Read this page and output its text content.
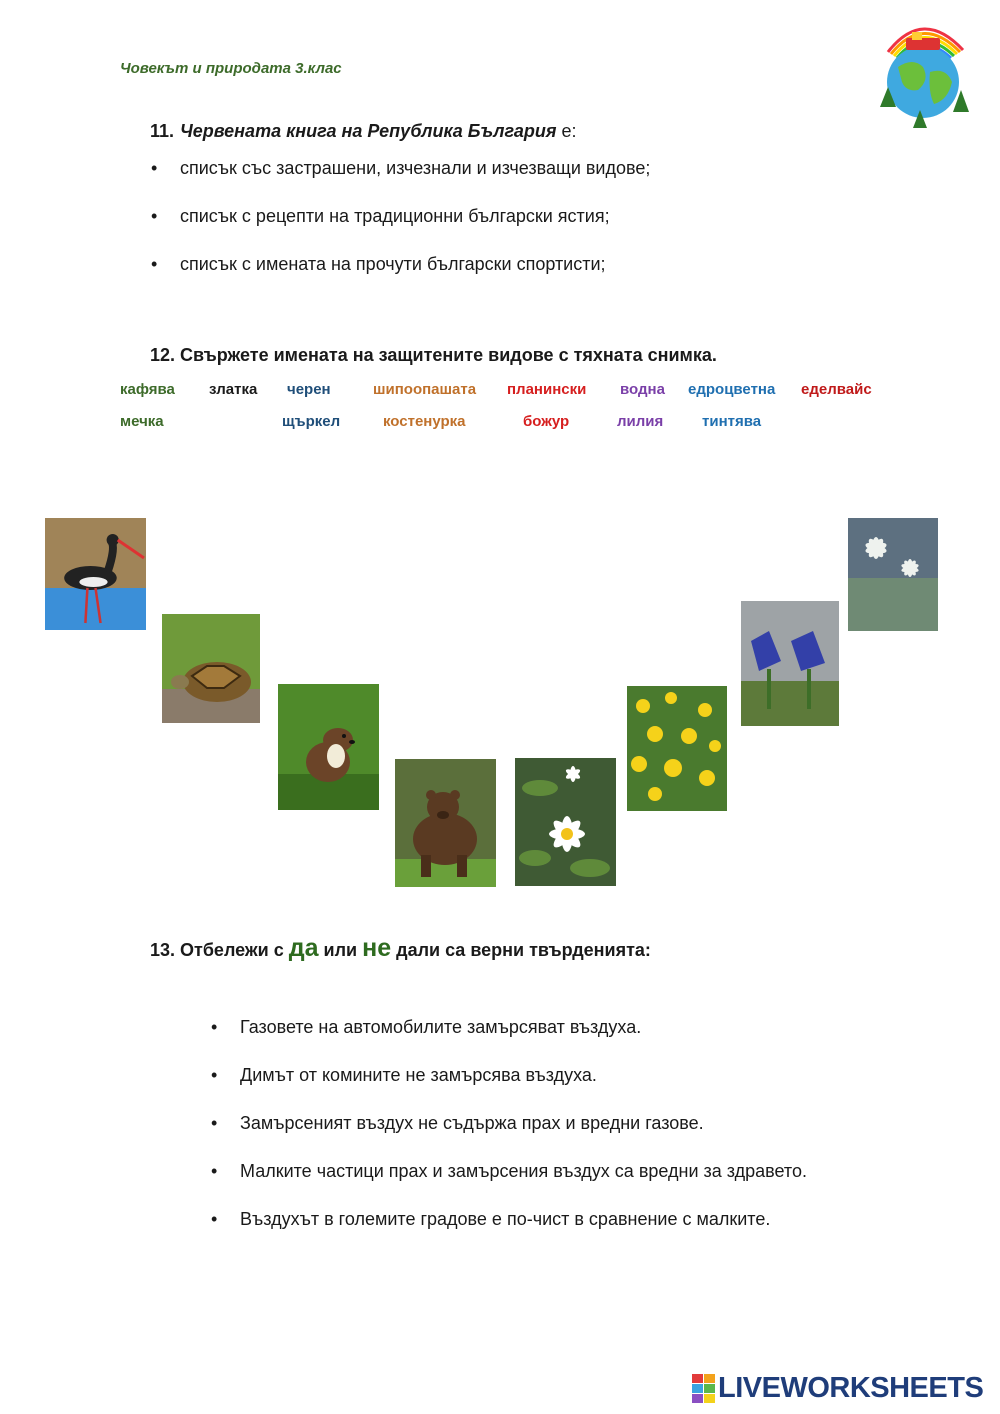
Човекът и природата 3.клас
11. Червената книга на Република България е:
• списък със застрашени, изчезнали и изчезващи видове;
• списък с рецепти на традиционни български ястия;
• списък с имената на прочути български спортисти;
12. Свържете имената на защитените видове с тяхната снимка.
кафява златка черен	шипоопашата планински водна едроцветна еделвайс
мечка	щъркел	костенурка	божур	лилия	тинтява
13. Отбележи с да или не дали са верни твърденията:
• Газовете на автомобилите замърсяват въздуха.
• Димът от комините не замърсява въздуха.
• Замърсеният въздух не съдържа прах и вредни газове.
• Малките частици прах и замърсения въздух са вредни за здравето.
• Въздухът в големите градове е по-чист в сравнение с малките.
LIVEWORKSHEETS
